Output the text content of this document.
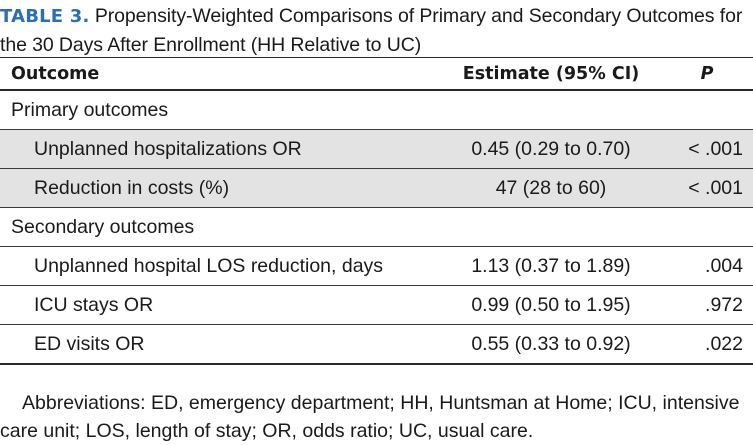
TABLE 3. Propensity-Weighted Comparisons of Primary and Secondary Outcomes for the 30 Days After Enrollment (HH Relative to UC)
Outcome	Estimate (95% CI)	P
Primary outcomes		
Unplanned hospitalizations OR	0.45 (0.29 to 0.70)	< .001
Reduction in costs (%)	47 (28 to 60)	< .001
Secondary outcomes		
Unplanned hospital LOS reduction, days	1.13 (0.37 to 1.89)	.004
ICU stays OR	0.99 (0.50 to 1.95)	.972
ED visits OR	0.55 (0.33 to 0.92)	.022
Abbreviations: ED, emergency department; HH, Huntsman at Home; ICU, intensive care unit; LOS, length of stay; OR, odds ratio; UC, usual care.
